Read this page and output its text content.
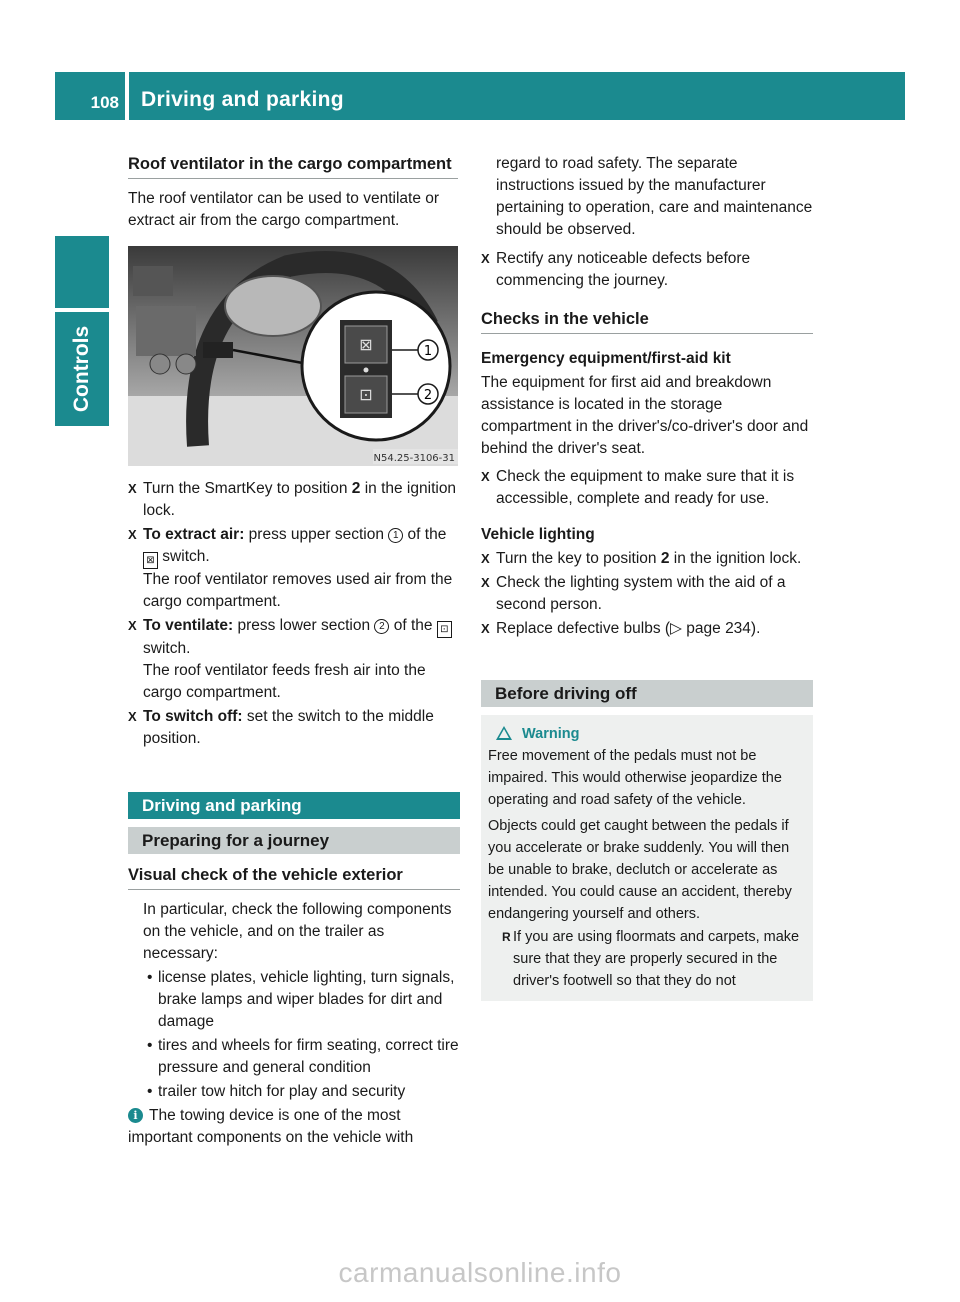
108 Driving and parking
Controls
Roof ventilator in the cargo compartment

The roof ventilator can be used to ventilate or extract air from the cargo compartment.

⊠
⊡
1
2
N54.25-3106-31

X Turn the SmartKey to position 2 in the ignition lock.

X To extract air: press upper section 1 of the ⊠ switch.
The roof ventilator removes used air from the cargo compartment.

X To ventilate: press lower section 2 of the ⊡ switch.
The roof ventilator feeds fresh air into the cargo compartment.

X To switch off: set the switch to the middle position.

Driving and parking
Preparing for a journey
Visual check of the vehicle exterior

In particular, check the following components on the vehicle, and on the trailer as necessary:

• license plates, vehicle lighting, turn signals, brake lamps and wiper blades for dirt and damage

• tires and wheels for firm seating, correct tire pressure and general condition

• trailer tow hitch for play and security

i The towing device is one of the most important components on the vehicle with

regard to road safety. The separate instructions issued by the manufacturer pertaining to operation, care and maintenance should be observed.

X Rectify any noticeable defects before commencing the journey.

Checks in the vehicle
Emergency equipment/first-aid kit

The equipment for first aid and breakdown assistance is located in the storage compartment in the driver's/co-driver's door and behind the driver's seat.

X Check the equipment to make sure that it is accessible, complete and ready for use.

Vehicle lighting

X Turn the key to position 2 in the ignition lock.

X Check the lighting system with the aid of a second person.

X Replace defective bulbs (▷ page 234).

Before driving off
Warning

Free movement of the pedals must not be impaired. This would otherwise jeopardize the operating and road safety of the vehicle.

Objects could get caught between the pedals if you accelerate or brake suddenly. You will then be unable to brake, declutch or accelerate as intended. You could cause an accident, thereby endangering yourself and others.

R If you are using floormats and carpets, make sure that they are properly secured in the driver's footwell so that they do not

carmanualsonline.info
